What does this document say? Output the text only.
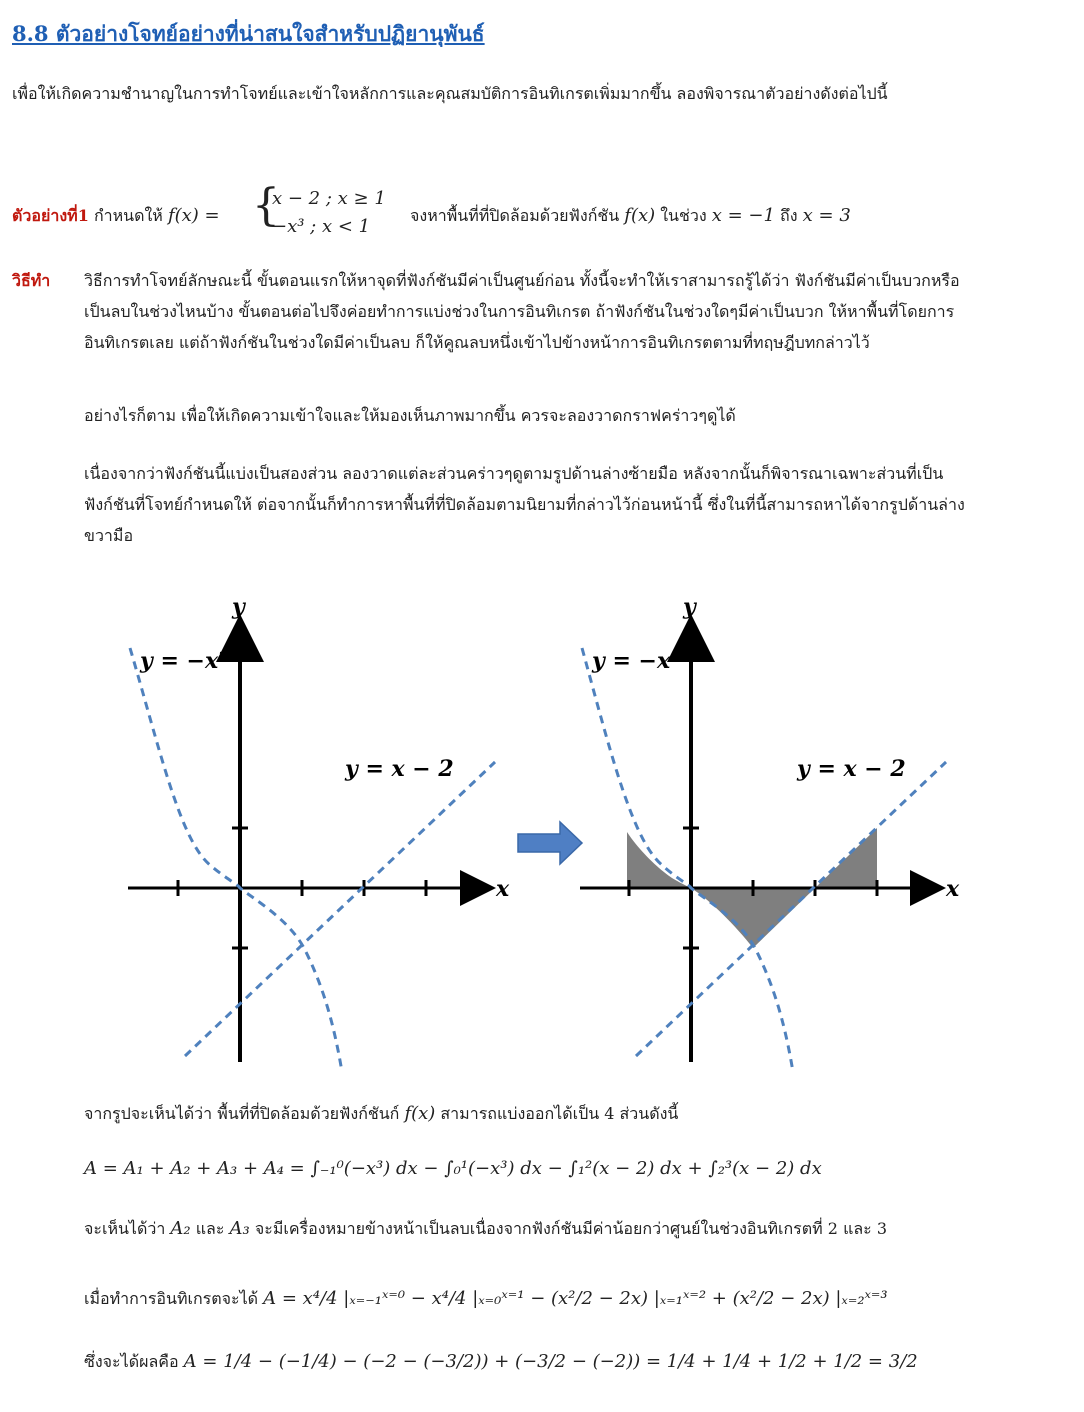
8.8 ตัวอย่างโจทย์อย่างที่น่าสนใจสำหรับปฏิยานุพันธ์
เพื่อให้เกิดความชำนาญในการทำโจทย์และเข้าใจหลักการและคุณสมบัติการอินทิเกรตเพิ่มมากขึ้น ลองพิจารณาตัวอย่างดังต่อไปนี้
ตัวอย่างที่1 กำหนดให้ f(x) = {
x − 2 ; x ≥ 1
−x³ ; x < 1
จงหาพื้นที่ที่ปิดล้อมด้วยฟังก์ชัน f(x) ในช่วง x = −1 ถึง x = 3
วิธีทำ วิธีการทำโจทย์ลักษณะนี้ ขั้นตอนแรกให้หาจุดที่ฟังก์ชันมีค่าเป็นศูนย์ก่อน ทั้งนี้จะทำให้เราสามารถรู้ได้ว่า ฟังก์ชันมีค่าเป็นบวกหรือ
เป็นลบในช่วงไหนบ้าง ขั้นตอนต่อไปจึงค่อยทำการแบ่งช่วงในการอินทิเกรต ถ้าฟังก์ชันในช่วงใดๆมีค่าเป็นบวก ให้หาพื้นที่โดยการ
อินทิเกรตเลย แต่ถ้าฟังก์ชันในช่วงใดมีค่าเป็นลบ ก็ให้คูณลบหนึ่งเข้าไปข้างหน้าการอินทิเกรตตามที่ทฤษฎีบทกล่าวไว้
อย่างไรก็ตาม เพื่อให้เกิดความเข้าใจและให้มองเห็นภาพมากขึ้น ควรจะลองวาดกราฟคร่าวๆดูได้
เนื่องจากว่าฟังก์ชันนี้แบ่งเป็นสองส่วน ลองวาดแต่ละส่วนคร่าวๆดูตามรูปด้านล่างซ้ายมือ หลังจากนั้นก็พิจารณาเฉพาะส่วนที่เป็น
ฟังก์ชันที่โจทย์กำหนดให้ ต่อจากนั้นก็ทำการหาพื้นที่ที่ปิดล้อมตามนิยามที่กล่าวไว้ก่อนหน้านี้ ซึ่งในที่นี้สามารถหาได้จากรูปด้านล่าง
ขวามือ
y
x
y = −x³
y = x − 2
y
x
y = −x³
y = x − 2
จากรูปจะเห็นได้ว่า พื้นที่ที่ปิดล้อมด้วยฟังก์ชันก์ f(x) สามารถแบ่งออกได้เป็น 4 ส่วนดังนี้
A = A₁ + A₂ + A₃ + A₄ = ∫₋₁⁰(−x³) dx − ∫₀¹(−x³) dx − ∫₁²(x − 2) dx + ∫₂³(x − 2) dx
จะเห็นได้ว่า A₂ และ A₃ จะมีเครื่องหมายข้างหน้าเป็นลบเนื่องจากฟังก์ชันมีค่าน้อยกว่าศูนย์ในช่วงอินทิเกรตที่ 2 และ 3
เมื่อทำการอินทิเกรตจะได้ A = x⁴/4 |ₓ₌₋₁ˣ⁼⁰ − x⁴/4 |ₓ₌₀ˣ⁼¹ − (x²/2 − 2x) |ₓ₌₁ˣ⁼² + (x²/2 − 2x) |ₓ₌₂ˣ⁼³
ซึ่งจะได้ผลคือ A = 1/4 − (−1/4) − (−2 − (−3/2)) + (−3/2 − (−2)) = 1/4 + 1/4 + 1/2 + 1/2 = 3/2
